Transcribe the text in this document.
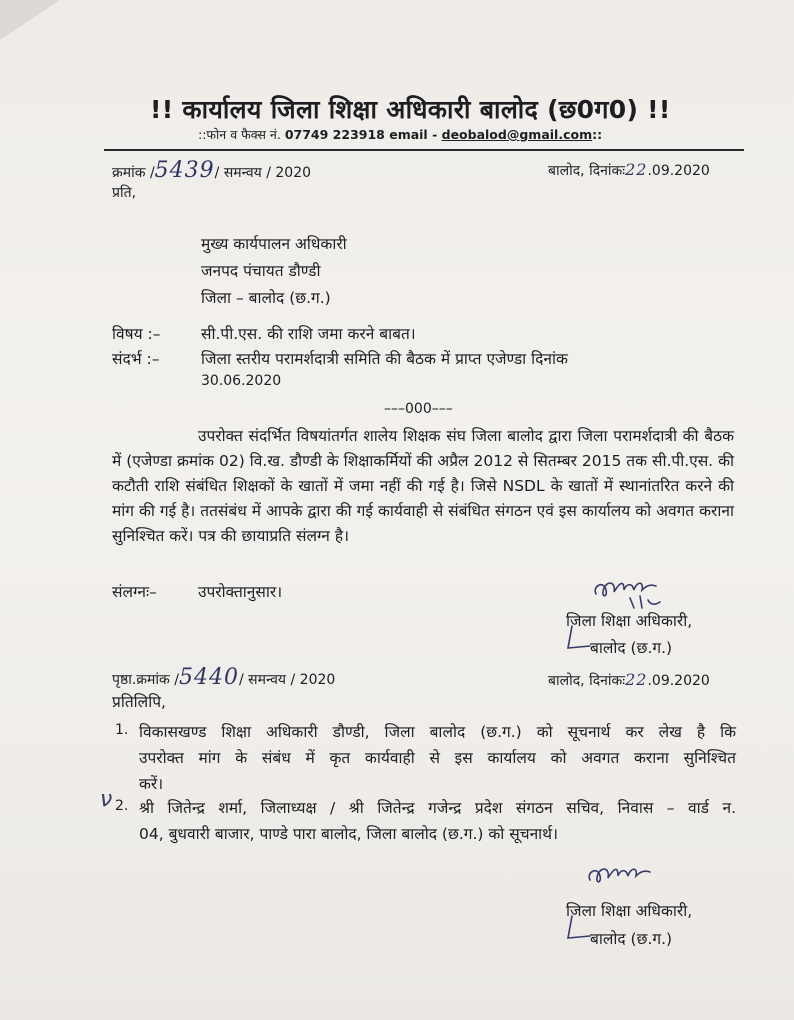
!! कार्यालय जिला शिक्षा अधिकारी बालोद (छ0ग0) !!
::फोन व फैक्स नं. 07749 223918 email - deobalod@gmail.com::
क्रमांक /5439/ समन्वय / 2020	बालोद, दिनांकः22.09.2020
प्रति,
मुख्य कार्यपालन अधिकारी
जनपद पंचायत डौण्डी
जिला – बालोद (छ.ग.)
विषय :–	सी.पी.एस. की राशि जमा करने बाबत।
संदर्भ :–	जिला स्तरीय परामर्शदात्री समिति की बैठक में प्राप्त एजेण्डा दिनांक
30.06.2020
–––000–––
उपरोक्त संदर्भित विषयांतर्गत शालेय शिक्षक संघ जिला बालोद द्वारा जिला परामर्शदात्री की बैठक में (एजेण्डा क्रमांक 02) वि.ख. डौण्डी के शिक्षाकर्मियों की अप्रैल 2012 से सितम्बर 2015 तक सी.पी.एस. की कटौती राशि संबंधित शिक्षकों के खातों में जमा नहीं की गई है। जिसे NSDL के खातों में स्थानांतरित करने की मांग की गई है। ततसंबंध में आपके द्वारा की गई कार्यवाही से संबंधित संगठन एवं इस कार्यालय को अवगत कराना सुनिश्चित करें। पत्र की छायाप्रति संलग्न है।
संलग्नः–	उपरोक्तानुसार।
जिला शिक्षा अधिकारी,
बालोद (छ.ग.)
पृष्ठा.क्रमांक /5440/ समन्वय / 2020	बालोद, दिनांकः22.09.2020
प्रतिलिपि,
1. विकासखण्ड शिक्षा अधिकारी डौण्डी, जिला बालोद (छ.ग.) को सूचनार्थ कर लेख है कि
उपरोक्त मांग के संबंध में कृत कार्यवाही से इस कार्यालय को अवगत कराना सुनिश्चित
करें।
ν 2. श्री जितेन्द्र शर्मा, जिलाध्यक्ष / श्री जितेन्द्र गजेन्द्र प्रदेश संगठन सचिव, निवास – वार्ड न.
04, बुधवारी बाजार, पाण्डे पारा बालोद, जिला बालोद (छ.ग.) को सूचनार्थ।
जिला शिक्षा अधिकारी,
बालोद (छ.ग.)
